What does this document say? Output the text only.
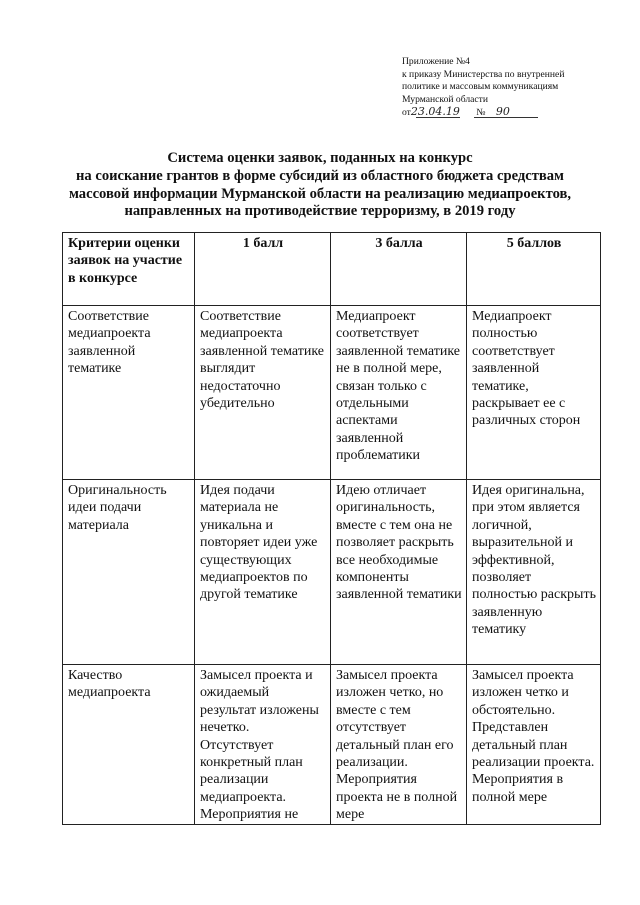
Приложение №4
к приказу Министерства по внутренней
политике и массовым коммуникациям
Мурманской области
от23.04.19 № 90
Система оценки заявок, поданных на конкурс
на соискание грантов в форме субсидий из областного бюджета средствам
массовой информации Мурманской области на реализацию медиапроектов,
направленных на противодействие терроризму, в 2019 году
Критерии оценки заявок на участие в конкурсе	1 балл	3 балла	5 баллов
Соответствие медиапроекта заявленной тематике	Соответствие медиапроекта заявленной тематике выглядит недостаточно убедительно	Медиапроект соответствует заявленной тематике не в полной мере, связан только с отдельными аспектами заявленной проблематики	Медиапроект полностью соответствует заявленной тематике, раскрывает ее с различных сторон
Оригинальность идеи подачи материала	Идея подачи материала не уникальна и повторяет идеи уже существующих медиапроектов по другой тематике	Идею отличает оригинальность, вместе с тем она не позволяет раскрыть все необходимые компоненты заявленной тематики	Идея оригинальна, при этом является логичной, выразительной и эффективной, позволяет полностью раскрыть заявленную тематику
Качество медиапроекта	Замысел проекта и ожидаемый результат изложены нечетко. Отсутствует конкретный план реализации медиапроекта. Мероприятия не	Замысел проекта изложен четко, но вместе с тем отсутствует детальный план его реализации. Мероприятия проекта не в полной мере	Замысел проекта изложен четко и обстоятельно. Представлен детальный план реализации проекта. Мероприятия в полной мере
